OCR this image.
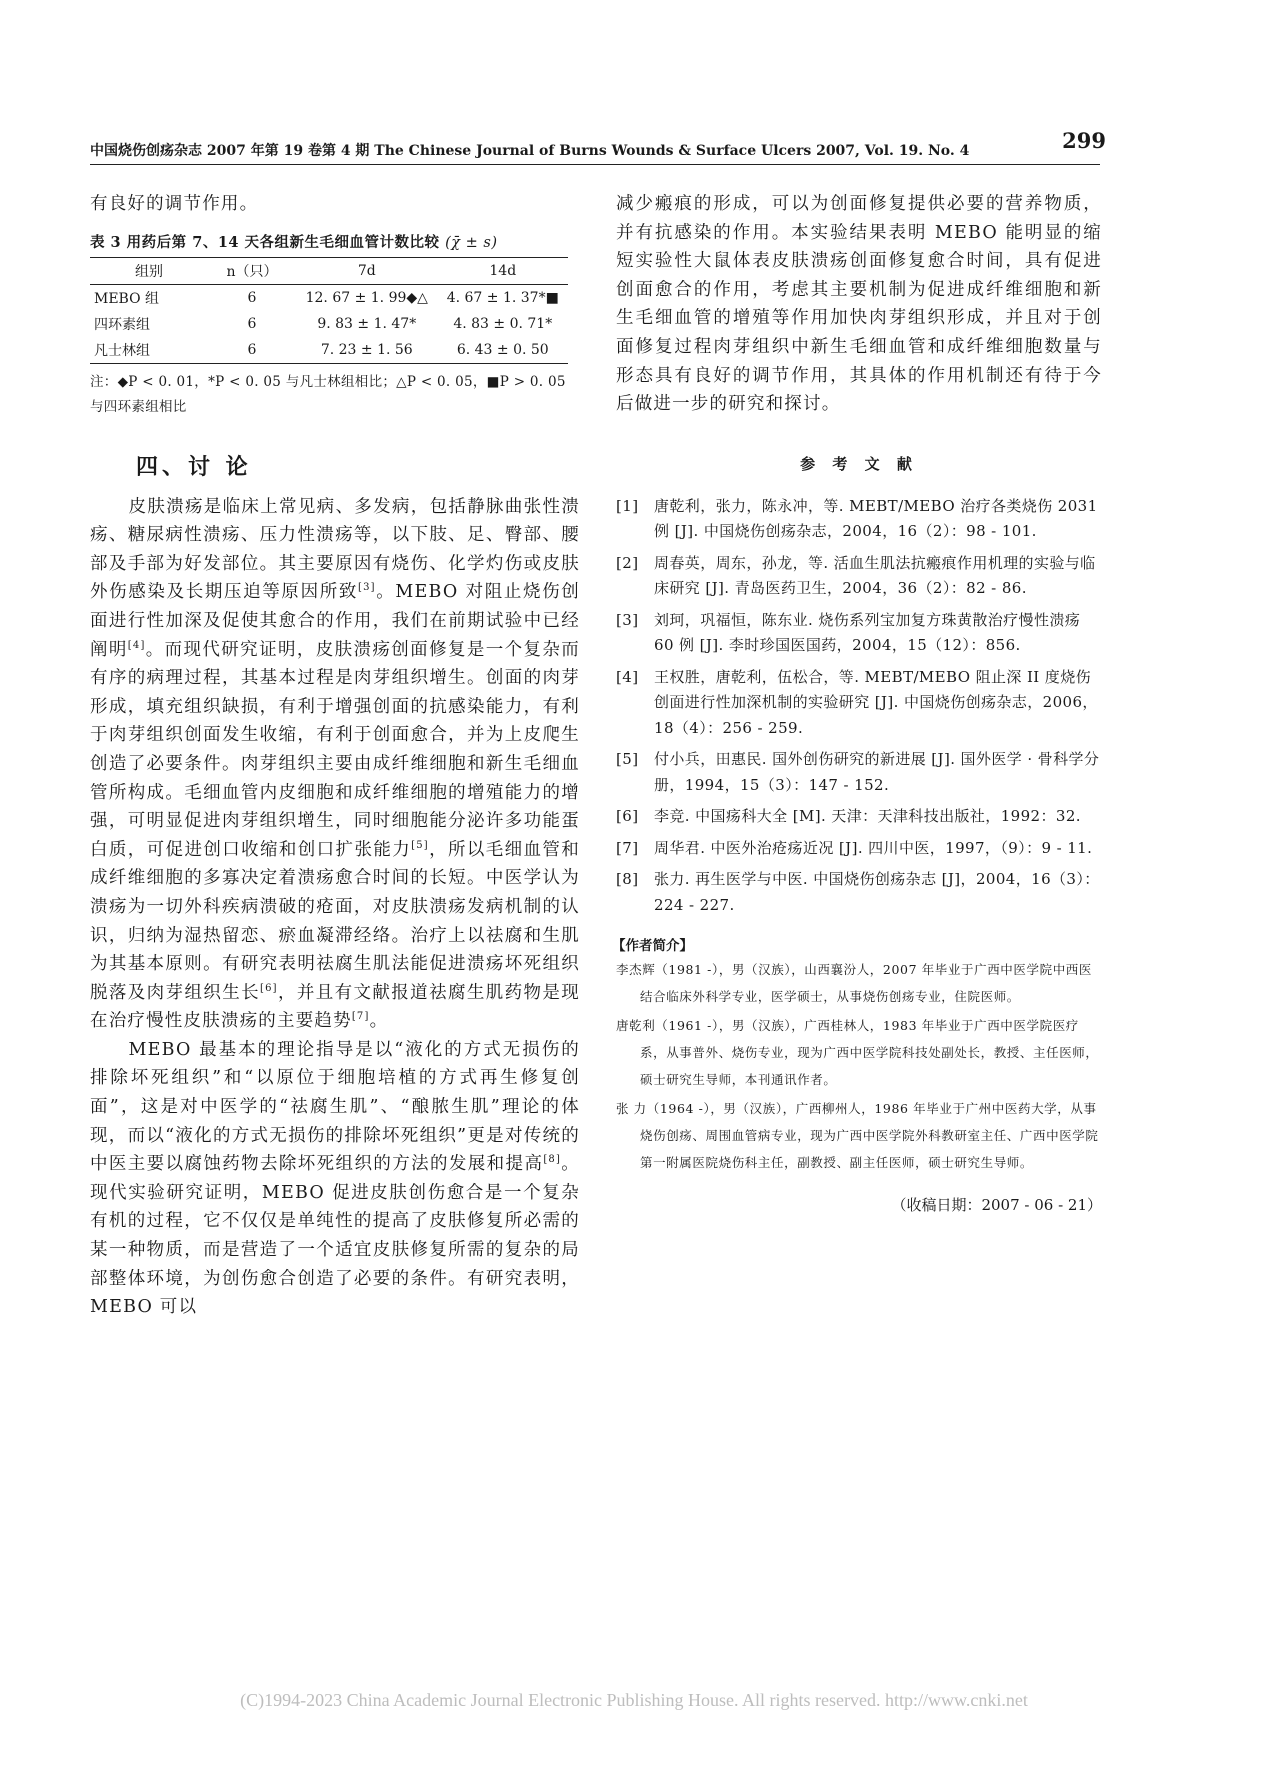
中国烧伤创疡杂志 2007 年第 19 卷第 4 期 The Chinese Journal of Burns Wounds & Surface Ulcers 2007, Vol. 19. No. 4	299
有良好的调节作用。
表 3 用药后第 7、14 天各组新生毛细血管计数比较 (χ̄ ± s)
组别	n（只）	7d	14d
MEBO 组	6	12. 67 ± 1. 99◆△	4. 67 ± 1. 37*■
四环素组	6	9. 83 ± 1. 47*	4. 83 ± 0. 71*
凡士林组	6	7. 23 ± 1. 56	6. 43 ± 0. 50
注：◆P < 0. 01，*P < 0. 05 与凡士林组相比；△P < 0. 05，■P > 0. 05 与四环素组相比
四、讨 论

皮肤溃疡是临床上常见病、多发病，包括静脉曲张性溃疡、糖尿病性溃疡、压力性溃疡等，以下肢、足、臀部、腰部及手部为好发部位。其主要原因有烧伤、化学灼伤或皮肤外伤感染及长期压迫等原因所致[3]。MEBO 对阻止烧伤创面进行性加深及促使其愈合的作用，我们在前期试验中已经阐明[4]。而现代研究证明，皮肤溃疡创面修复是一个复杂而有序的病理过程，其基本过程是肉芽组织增生。创面的肉芽形成，填充组织缺损，有利于增强创面的抗感染能力，有利于肉芽组织创面发生收缩，有利于创面愈合，并为上皮爬生创造了必要条件。肉芽组织主要由成纤维细胞和新生毛细血管所构成。毛细血管内皮细胞和成纤维细胞的增殖能力的增强，可明显促进肉芽组织增生，同时细胞能分泌许多功能蛋白质，可促进创口收缩和创口扩张能力[5]，所以毛细血管和成纤维细胞的多寡决定着溃疡愈合时间的长短。中医学认为溃疡为一切外科疾病溃破的疮面，对皮肤溃疡发病机制的认识，归纳为湿热留恋、瘀血凝滞经络。治疗上以祛腐和生肌为其基本原则。有研究表明祛腐生肌法能促进溃疡坏死组织脱落及肉芽组织生长[6]，并且有文献报道祛腐生肌药物是现在治疗慢性皮肤溃疡的主要趋势[7]。

MEBO 最基本的理论指导是以“液化的方式无损伤的排除坏死组织”和“以原位于细胞培植的方式再生修复创面”，这是对中医学的“祛腐生肌”、“酿脓生肌”理论的体现，而以“液化的方式无损伤的排除坏死组织”更是对传统的中医主要以腐蚀药物去除坏死组织的方法的发展和提高[8]。现代实验研究证明，MEBO 促进皮肤创伤愈合是一个复杂有机的过程，它不仅仅是单纯性的提高了皮肤修复所必需的某一种物质，而是营造了一个适宜皮肤修复所需的复杂的局部整体环境，为创伤愈合创造了必要的条件。有研究表明，MEBO 可以

减少瘢痕的形成，可以为创面修复提供必要的营养物质，并有抗感染的作用。本实验结果表明 MEBO 能明显的缩短实验性大鼠体表皮肤溃疡创面修复愈合时间，具有促进创面愈合的作用，考虑其主要机制为促进成纤维细胞和新生毛细血管的增殖等作用加快肉芽组织形成，并且对于创面修复过程肉芽组织中新生毛细血管和成纤维细胞数量与形态具有良好的调节作用，其具体的作用机制还有待于今后做进一步的研究和探讨。
参 考 文 献
[1] 唐乾利，张力，陈永冲，等. MEBT/MEBO 治疗各类烧伤 2031 例 [J]. 中国烧伤创疡杂志，2004，16（2）：98 - 101.
[2] 周春英，周东，孙龙，等. 活血生肌法抗瘢痕作用机理的实验与临床研究 [J]. 青岛医药卫生，2004，36（2）：82 - 86.
[3] 刘珂，巩福恒，陈东业. 烧伤系列宝加复方珠黄散治疗慢性溃疡 60 例 [J]. 李时珍国医国药，2004，15（12）：856.
[4] 王权胜，唐乾利，伍松合，等. MEBT/MEBO 阻止深 II 度烧伤创面进行性加深机制的实验研究 [J]. 中国烧伤创疡杂志，2006，18（4）：256 - 259.
[5] 付小兵，田惠民. 国外创伤研究的新进展 [J]. 国外医学 · 骨科学分册，1994，15（3）：147 - 152.
[6] 李竞. 中国疡科大全 [M]. 天津：天津科技出版社，1992：32.
[7] 周华君. 中医外治疮疡近况 [J]. 四川中医，1997，（9）：9 - 11.
[8] 张力. 再生医学与中医. 中国烧伤创疡杂志 [J]，2004，16（3）：224 - 227.
【作者简介】
李杰辉（1981 -），男（汉族），山西襄汾人，2007 年毕业于广西中医学院中西医结合临床外科学专业，医学硕士，从事烧伤创疡专业，住院医师。
唐乾利（1961 -），男（汉族），广西桂林人，1983 年毕业于广西中医学院医疗系，从事普外、烧伤专业，现为广西中医学院科技处副处长，教授、主任医师，硕士研究生导师，本刊通讯作者。
张 力（1964 -），男（汉族），广西柳州人，1986 年毕业于广州中医药大学，从事烧伤创疡、周围血管病专业，现为广西中医学院外科教研室主任、广西中医学院第一附属医院烧伤科主任，副教授、副主任医师，硕士研究生导师。
（收稿日期：2007 - 06 - 21）
(C)1994-2023 China Academic Journal Electronic Publishing House. All rights reserved. http://www.cnki.net
